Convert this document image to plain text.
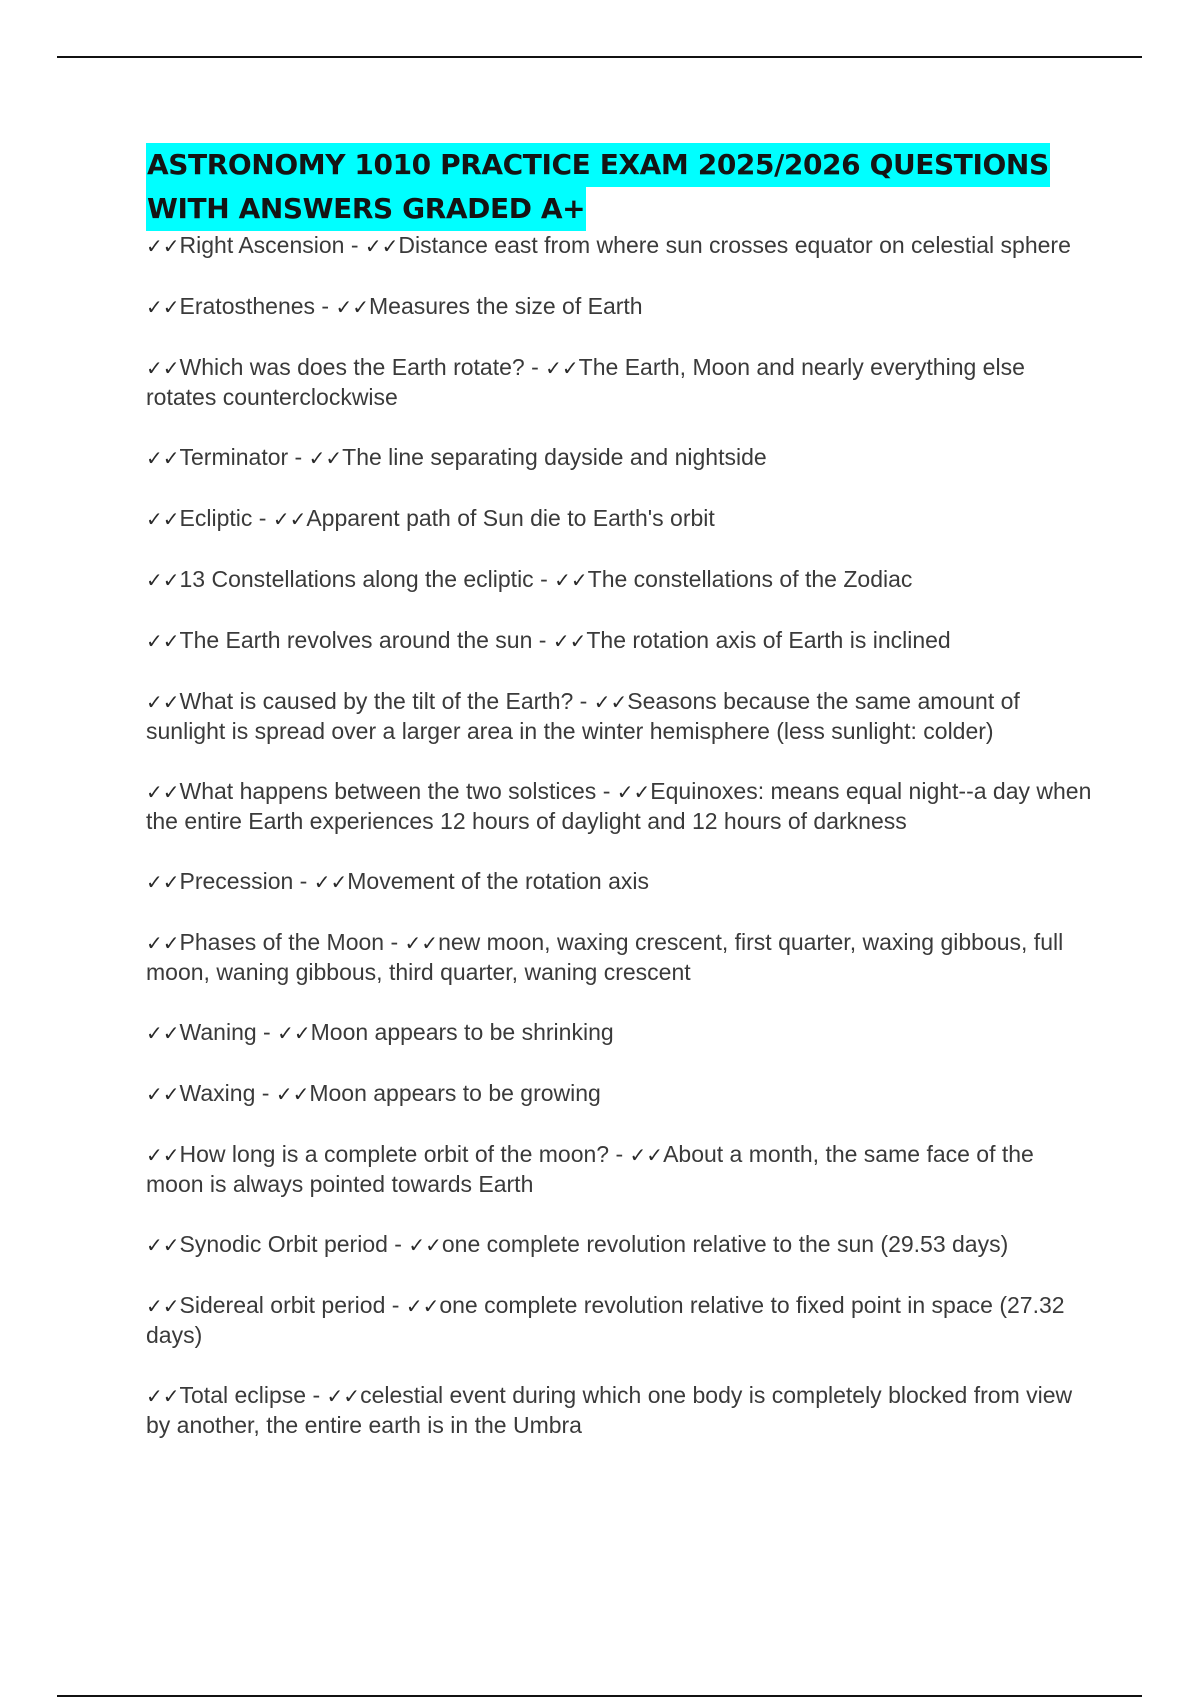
ASTRONOMY 1010 PRACTICE EXAM 2025/2026 QUESTIONS
WITH ANSWERS GRADED A+
✓✓Right Ascension - ✓✓Distance east from where sun crosses equator on celestial sphere
✓✓Eratosthenes - ✓✓Measures the size of Earth
✓✓Which was does the Earth rotate? - ✓✓The Earth, Moon and nearly everything else rotates counterclockwise
✓✓Terminator - ✓✓The line separating dayside and nightside
✓✓Ecliptic - ✓✓Apparent path of Sun die to Earth's orbit
✓✓13 Constellations along the ecliptic - ✓✓The constellations of the Zodiac
✓✓The Earth revolves around the sun - ✓✓The rotation axis of Earth is inclined
✓✓What is caused by the tilt of the Earth? - ✓✓Seasons because the same amount of sunlight is spread over a larger area in the winter hemisphere (less sunlight: colder)
✓✓What happens between the two solstices - ✓✓Equinoxes: means equal night--a day when the entire Earth experiences 12 hours of daylight and 12 hours of darkness
✓✓Precession - ✓✓Movement of the rotation axis
✓✓Phases of the Moon - ✓✓new moon, waxing crescent, first quarter, waxing gibbous, full moon, waning gibbous, third quarter, waning crescent
✓✓Waning - ✓✓Moon appears to be shrinking
✓✓Waxing - ✓✓Moon appears to be growing
✓✓How long is a complete orbit of the moon? - ✓✓About a month, the same face of the moon is always pointed towards Earth
✓✓Synodic Orbit period - ✓✓one complete revolution relative to the sun (29.53 days)
✓✓Sidereal orbit period - ✓✓one complete revolution relative to fixed point in space (27.32 days)
✓✓Total eclipse - ✓✓celestial event during which one body is completely blocked from view by another, the entire earth is in the Umbra
